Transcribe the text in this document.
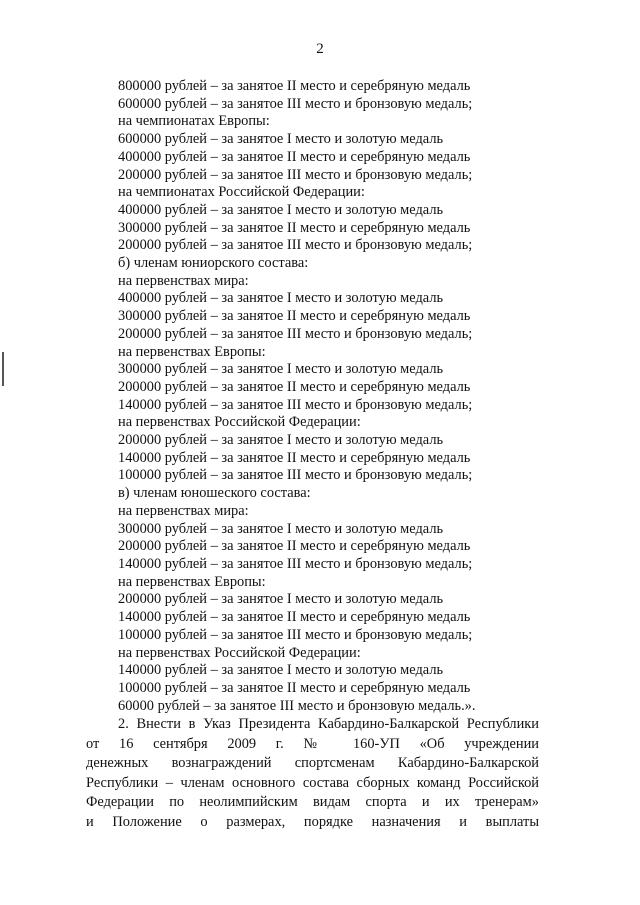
2
800000 рублей – за занятое II место и серебряную медаль
600000 рублей – за занятое III место и бронзовую медаль;
на чемпионатах Европы:
600000 рублей – за занятое I место и золотую медаль
400000 рублей – за занятое II место и серебряную медаль
200000 рублей – за занятое III место и бронзовую медаль;
на чемпионатах Российской Федерации:
400000 рублей – за занятое I место и золотую медаль
300000 рублей – за занятое II место и серебряную медаль
200000 рублей – за занятое III место и бронзовую медаль;
б) членам юниорского состава:
на первенствах мира:
400000 рублей – за занятое I место и золотую медаль
300000 рублей – за занятое II место и серебряную медаль
200000 рублей – за занятое III место и бронзовую медаль;
на первенствах Европы:
300000 рублей – за занятое I место и золотую медаль
200000 рублей – за занятое II место и серебряную медаль
140000 рублей – за занятое III место и бронзовую медаль;
на первенствах Российской Федерации:
200000 рублей – за занятое I место и золотую медаль
140000 рублей – за занятое II место и серебряную медаль
100000 рублей – за занятое III место и бронзовую медаль;
в) членам юношеского состава:
на первенствах мира:
300000 рублей – за занятое I место и золотую медаль
200000 рублей – за занятое II место и серебряную медаль
140000 рублей – за занятое III место и бронзовую медаль;
на первенствах Европы:
200000 рублей – за занятое I место и золотую медаль
140000 рублей – за занятое II место и серебряную медаль
100000 рублей – за занятое III место и бронзовую медаль;
на первенствах Российской Федерации:
140000 рублей – за занятое I место и золотую медаль
100000 рублей – за занятое II место и серебряную медаль
60000 рублей – за занятое III место и бронзовую медаль.».
2. Внести в Указ Президента Кабардино-Балкарской Республики
от 16 сентября 2009 г. № 160-УП «Об учреждении
денежных вознаграждений спортсменам Кабардино-Балкарской
Республики – членам основного состава сборных команд Российской
Федерации по неолимпийским видам спорта и их тренерам»
и Положение о размерах, порядке назначения и выплаты
